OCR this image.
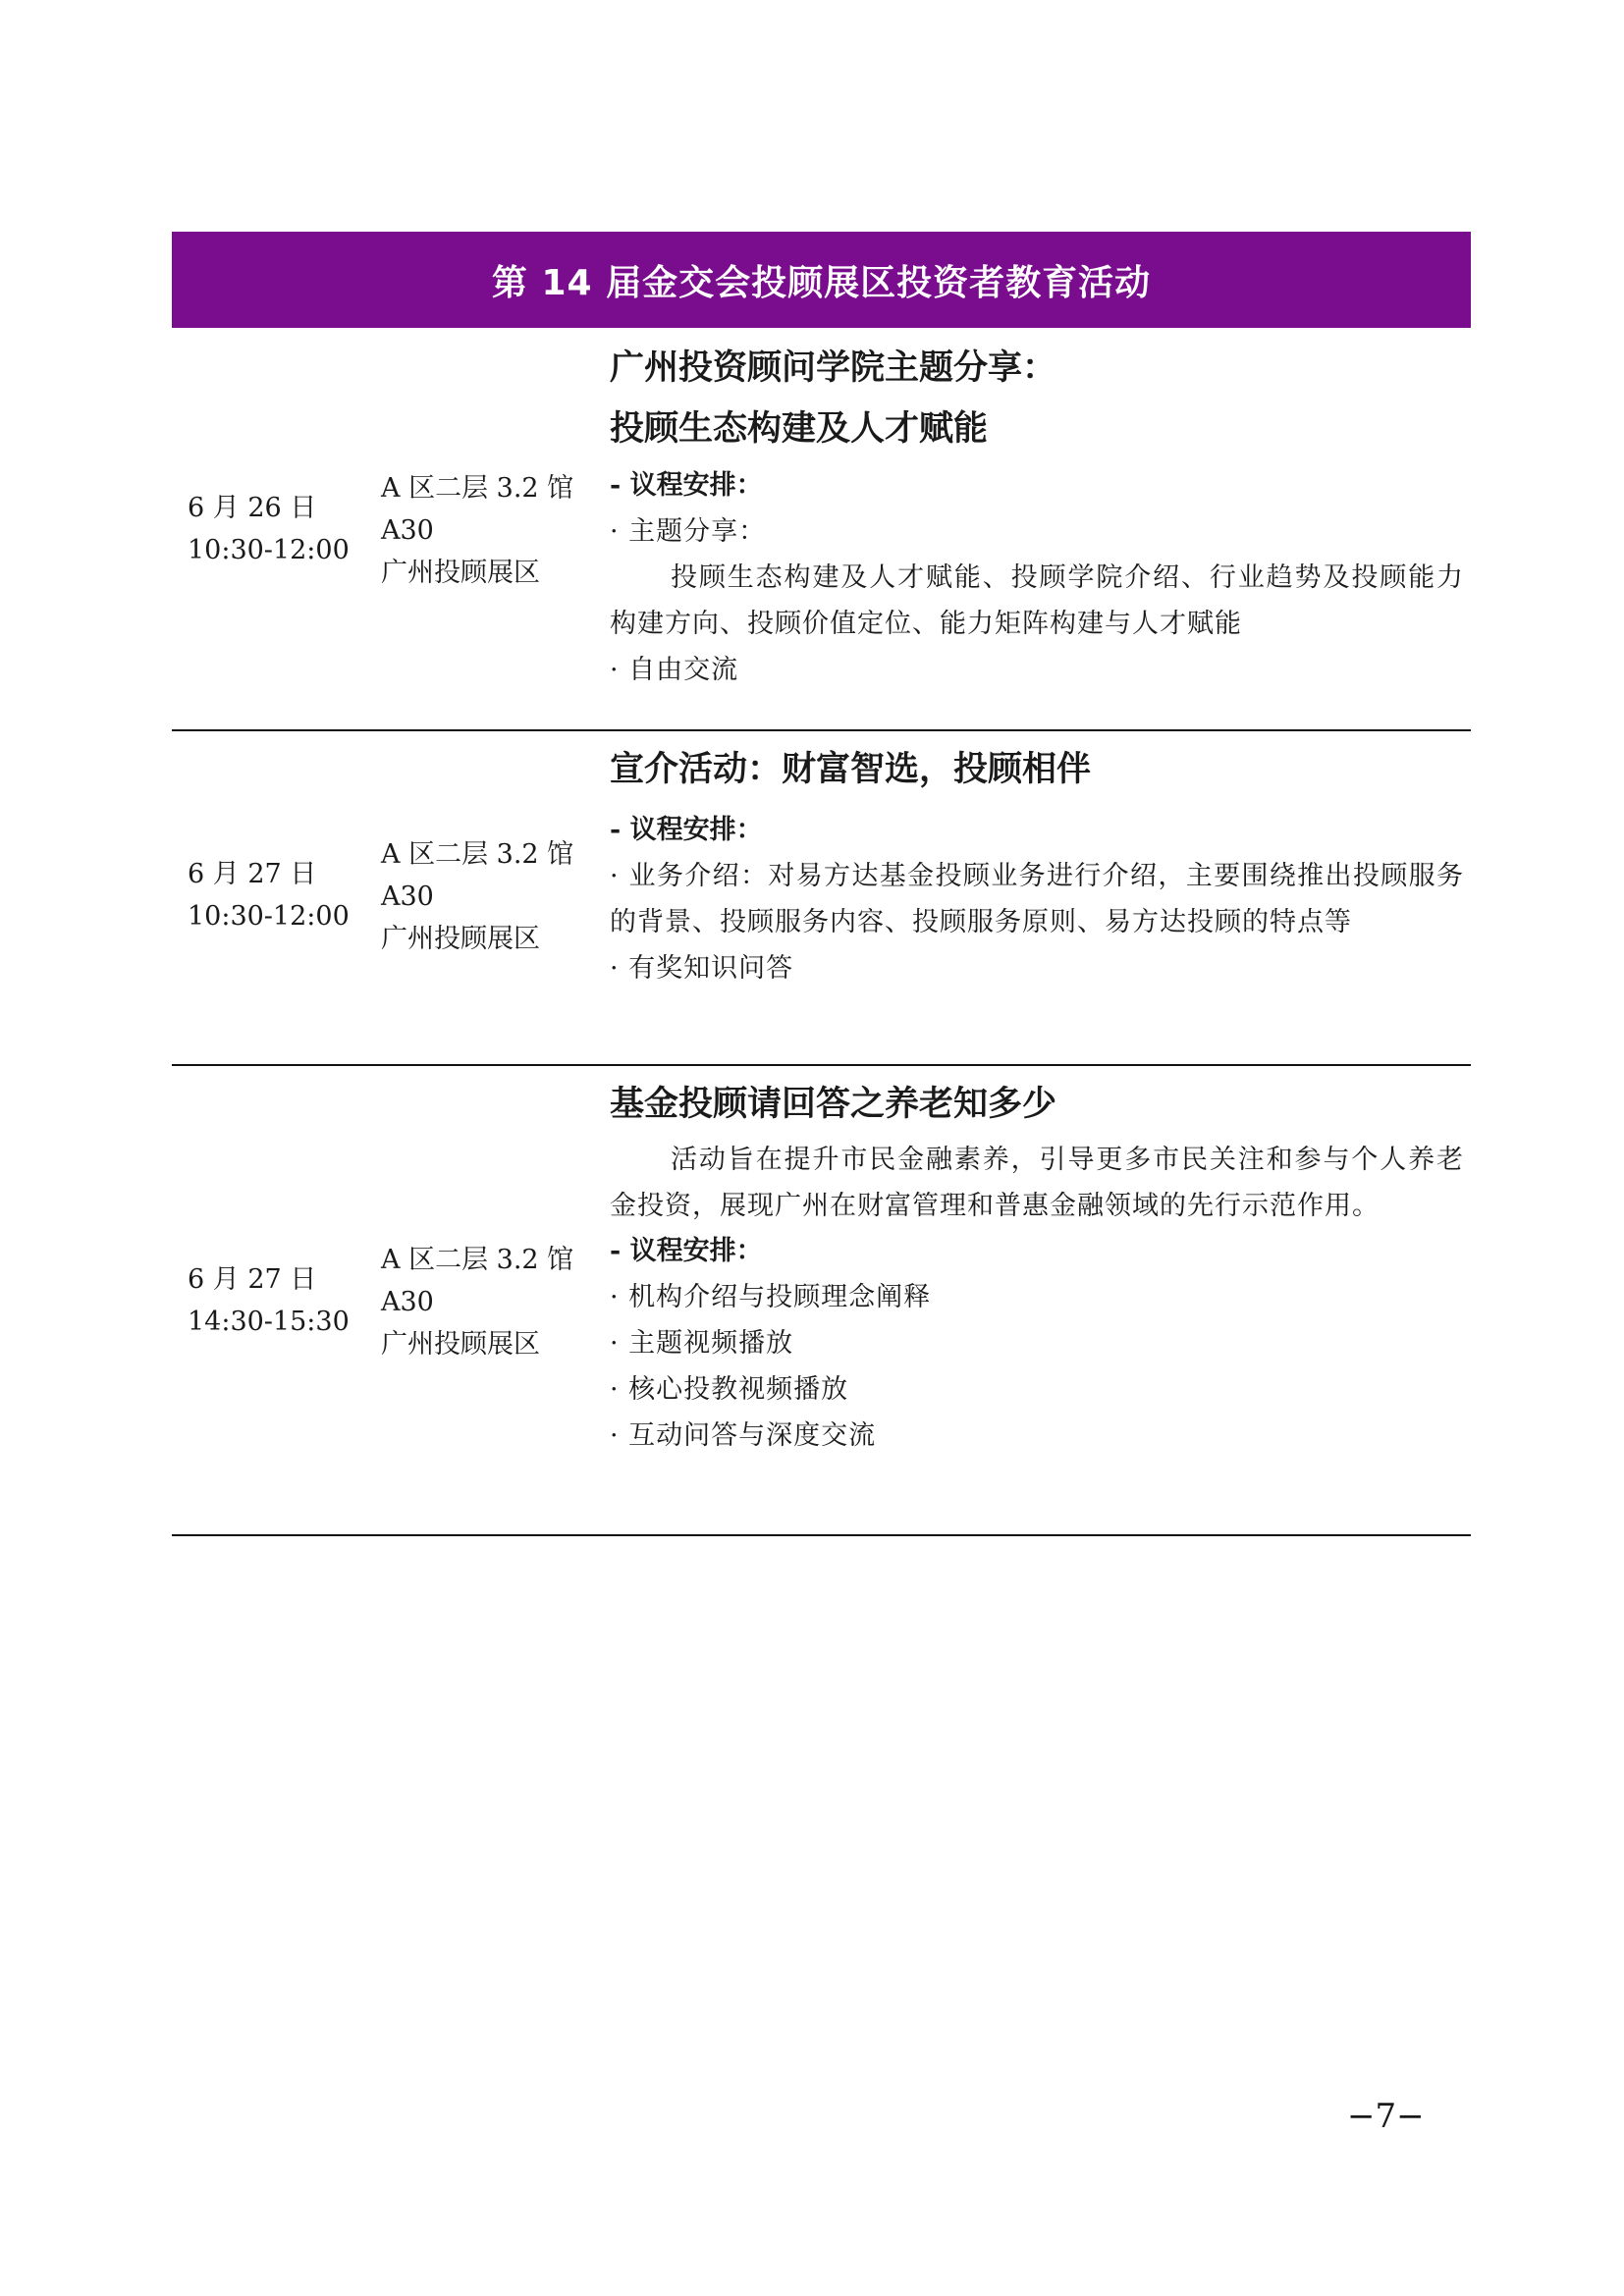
第 14 届金交会投顾展区投资者教育活动
6 月 26 日
10:30-12:00
A 区二层 3.2 馆
A30
广州投顾展区
广州投资顾问学院主题分享：
投顾生态构建及人才赋能
- 议程安排：
· 主题分享：
投顾生态构建及人才赋能、投顾学院介绍、行业趋势及投顾能力构建方向、投顾价值定位、能力矩阵构建与人才赋能
· 自由交流
6 月 27 日
10:30-12:00
A 区二层 3.2 馆
A30
广州投顾展区
宣介活动：财富智选，投顾相伴
- 议程安排：
· 业务介绍：对易方达基金投顾业务进行介绍，主要围绕推出投顾服务的背景、投顾服务内容、投顾服务原则、易方达投顾的特点等
· 有奖知识问答
6 月 27 日
14:30-15:30
A 区二层 3.2 馆
A30
广州投顾展区
基金投顾请回答之养老知多少
活动旨在提升市民金融素养，引导更多市民关注和参与个人养老金投资，展现广州在财富管理和普惠金融领域的先行示范作用。
- 议程安排：
· 机构介绍与投顾理念阐释
· 主题视频播放
· 核心投教视频播放
· 互动问答与深度交流
−7−
